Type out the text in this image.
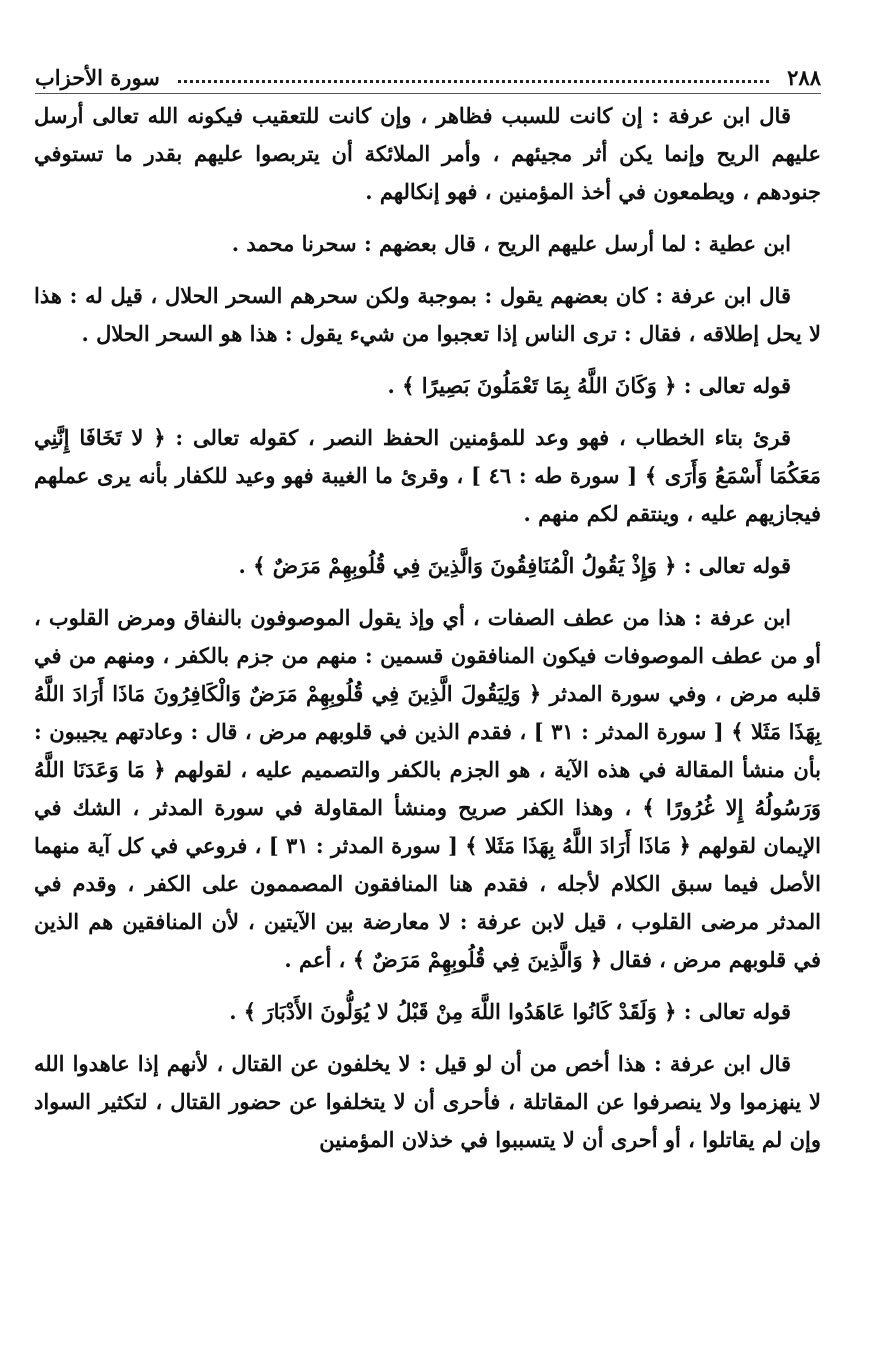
٢٨٨
سورة الأحزاب

قال ابن عرفة : إن كانت للسبب فظاهر ، وإن كانت للتعقيب فيكونه الله تعالى أرسل عليهم الريح وإنما يكن أثر مجيئهم ، وأمر الملائكة أن يتربصوا عليهم بقدر ما تستوفي جنودهم ، ويطمعون في أخذ المؤمنين ، فهو إنكالهم .

ابن عطية : لما أرسل عليهم الريح ، قال بعضهم : سحرنا محمد .

قال ابن عرفة : كان بعضهم يقول : بموجبة ولكن سحرهم السحر الحلال ، قيل له : هذا لا يحل إطلاقه ، فقال : ترى الناس إذا تعجبوا من شيء يقول : هذا هو السحر الحلال .

قوله تعالى : ﴿ وَكَانَ اللَّهُ بِمَا تَعْمَلُونَ بَصِيرًا ﴾ .

قرئ بتاء الخطاب ، فهو وعد للمؤمنين الحفظ النصر ، كقوله تعالى : ﴿ لا تَخَافَا إِنَّنِي مَعَكُمَا أَسْمَعُ وَأَرَى ﴾ [ سورة طه : ٤٦ ] ، وقرئ ما الغيبة فهو وعيد للكفار بأنه يرى عملهم فيجازيهم عليه ، وينتقم لكم منهم .

قوله تعالى : ﴿ وَإِذْ يَقُولُ الْمُنَافِقُونَ وَالَّذِينَ فِي قُلُوبِهِمْ مَرَضٌ ﴾ .

ابن عرفة : هذا من عطف الصفات ، أي وإذ يقول الموصوفون بالنفاق ومرض القلوب ، أو من عطف الموصوفات فيكون المنافقون قسمين : منهم من جزم بالكفر ، ومنهم من في قلبه مرض ، وفي سورة المدثر ﴿ وَلِيَقُولَ الَّذِينَ فِي قُلُوبِهِمْ مَرَضٌ وَالْكَافِرُونَ مَاذَا أَرَادَ اللَّهُ بِهَذَا مَثَلا ﴾ [ سورة المدثر : ٣١ ] ، فقدم الذين في قلوبهم مرض ، قال : وعادتهم يجيبون : بأن منشأ المقالة في هذه الآية ، هو الجزم بالكفر والتصميم عليه ، لقولهم ﴿ مَا وَعَدَنَا اللَّهُ وَرَسُولُهُ إِلا غُرُورًا ﴾ ، وهذا الكفر صريح ومنشأ المقاولة في سورة المدثر ، الشك في الإيمان لقولهم ﴿ مَاذَا أَرَادَ اللَّهُ بِهَذَا مَثَلا ﴾ [ سورة المدثر : ٣١ ] ، فروعي في كل آية منهما الأصل فيما سبق الكلام لأجله ، فقدم هنا المنافقون المصممون على الكفر ، وقدم في المدثر مرضى القلوب ، قيل لابن عرفة : لا معارضة بين الآيتين ، لأن المنافقين هم الذين في قلوبهم مرض ، فقال ﴿ وَالَّذِينَ فِي قُلُوبِهِمْ مَرَضٌ ﴾ ، أعم .

قوله تعالى : ﴿ وَلَقَدْ كَانُوا عَاهَدُوا اللَّهَ مِنْ قَبْلُ لا يُوَلُّونَ الأَدْبَارَ ﴾ .

قال ابن عرفة : هذا أخص من أن لو قيل : لا يخلفون عن القتال ، لأنهم إذا عاهدوا الله لا ينهزموا ولا ينصرفوا عن المقاتلة ، فأحرى أن لا يتخلفوا عن حضور القتال ، لتكثير السواد وإن لم يقاتلوا ، أو أحرى أن لا يتسببوا في خذلان المؤمنين
